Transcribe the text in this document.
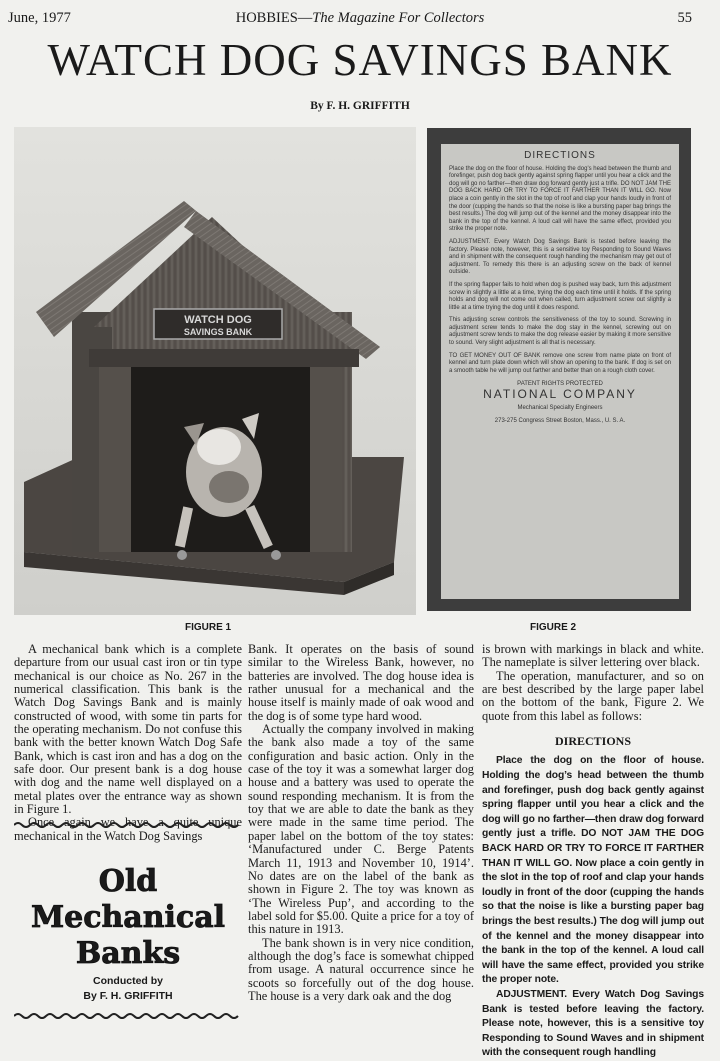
June, 1977	HOBBIES—The Magazine For Collectors	55
WATCH DOG SAVINGS BANK
By F. H. GRIFFITH
WATCH DOG
SAVINGS BANK
DIRECTIONS
Place the dog on the floor of house. Holding the dog's head between the thumb and forefinger, push dog back gently against spring flapper until you hear a click and the dog will go no farther—then draw dog forward gently just a trifle. DO NOT JAM THE DOG BACK HARD OR TRY TO FORCE IT FARTHER THAN IT WILL GO. Now place a coin gently in the slot in the top of roof and clap your hands loudly in front of the door (cupping the hands so that the noise is like a bursting paper bag brings the best results.) The dog will jump out of the kennel and the money disappear into the bank in the top of the kennel. A loud call will have the same effect, provided you strike the proper note.
ADJUSTMENT. Every Watch Dog Savings Bank is tested before leaving the factory. Please note, however, this is a sensitive toy Responding to Sound Waves and in shipment with the consequent rough handling the mechanism may get out of adjustment. To remedy this there is an adjusting screw on the back of kennel outside.
If the spring flapper fails to hold when dog is pushed way back, turn this adjustment screw in slightly a little at a time, trying the dog each time until it holds. If the spring holds and dog will not come out when called, turn adjustment screw out slightly a little at a time trying the dog until it does respond.
This adjusting screw controls the sensitiveness of the toy to sound. Screwing in adjustment screw tends to make the dog stay in the kennel, screwing out on adjustment screw tends to make the dog release easier by making it more sensitive to sound. Very slight adjustment is all that is necessary.
TO GET MONEY OUT OF BANK remove one screw from name plate on front of kennel and turn plate down which will show an opening to the bank. If dog is set on a smooth table he will jump out farther and better than on a rough cloth cover.
PATENT RIGHTS PROTECTED
NATIONAL COMPANY
Mechanical Specialty Engineers
273-275 Congress Street Boston, Mass., U. S. A.
FIGURE 1	FIGURE 2

A mechanical bank which is a complete departure from our usual cast iron or tin type mechanical is our choice as No. 267 in the numerical classification. This bank is the Watch Dog Savings Bank and is mainly constructed of wood, with some tin parts for the operating mechanism. Do not confuse this bank with the better known Watch Dog Safe Bank, which is cast iron and has a dog on the safe door. Our present bank is a dog house with dog and the name well displayed on a metal plates over the entrance way as shown in Figure 1.

Once again we have a quite unique mechanical in the Watch Dog Savings

Old
Mechanical
Banks
Conducted by
By F. H. GRIFFITH

Bank. It operates on the basis of sound similar to the Wireless Bank, however, no batteries are involved. The dog house idea is rather unusual for a mechanical and the house itself is mainly made of oak wood and the dog is of some type hard wood.

Actually the company involved in making the bank also made a toy of the same configuration and basic action. Only in the case of the toy it was a somewhat larger dog house and a battery was used to operate the sound responding mechanism. It is from the toy that we are able to date the bank as they were made in the same time period. The paper label on the bottom of the toy states: ‘Manufactured under C. Berge Patents March 11, 1913 and November 10, 1914’. No dates are on the label of the bank as shown in Figure 2. The toy was known as ‘The Wireless Pup’, and according to the label sold for $5.00. Quite a price for a toy of this nature in 1913.

The bank shown is in very nice condition, although the dog’s face is somewhat chipped from usage. A natural occurrence since he scoots so forcefully out of the dog house. The house is a very dark oak and the dog

is brown with markings in black and white. The nameplate is silver lettering over black.

The operation, manufacturer, and so on are best described by the large paper label on the bottom of the bank, Figure 2. We quote from this label as follows:

DIRECTIONS

Place the dog on the floor of house. Holding the dog’s head between the thumb and forefinger, push dog back gently against spring flapper until you hear a click and the dog will go no farther—then draw dog forward gently just a trifle. DO NOT JAM THE DOG BACK HARD OR TRY TO FORCE IT FARTHER THAN IT WILL GO. Now place a coin gently in the slot in the top of roof and clap your hands loudly in front of the door (cupping the hands so that the noise is like a bursting paper bag brings the best results.) The dog will jump out of the kennel and the money disappear into the bank in the top of the kennel. A loud call will have the same effect, provided you strike the proper note.

ADJUSTMENT. Every Watch Dog Savings Bank is tested before leaving the factory. Please note, however, this is a sensitive toy Responding to Sound Waves and in shipment with the consequent rough handling
